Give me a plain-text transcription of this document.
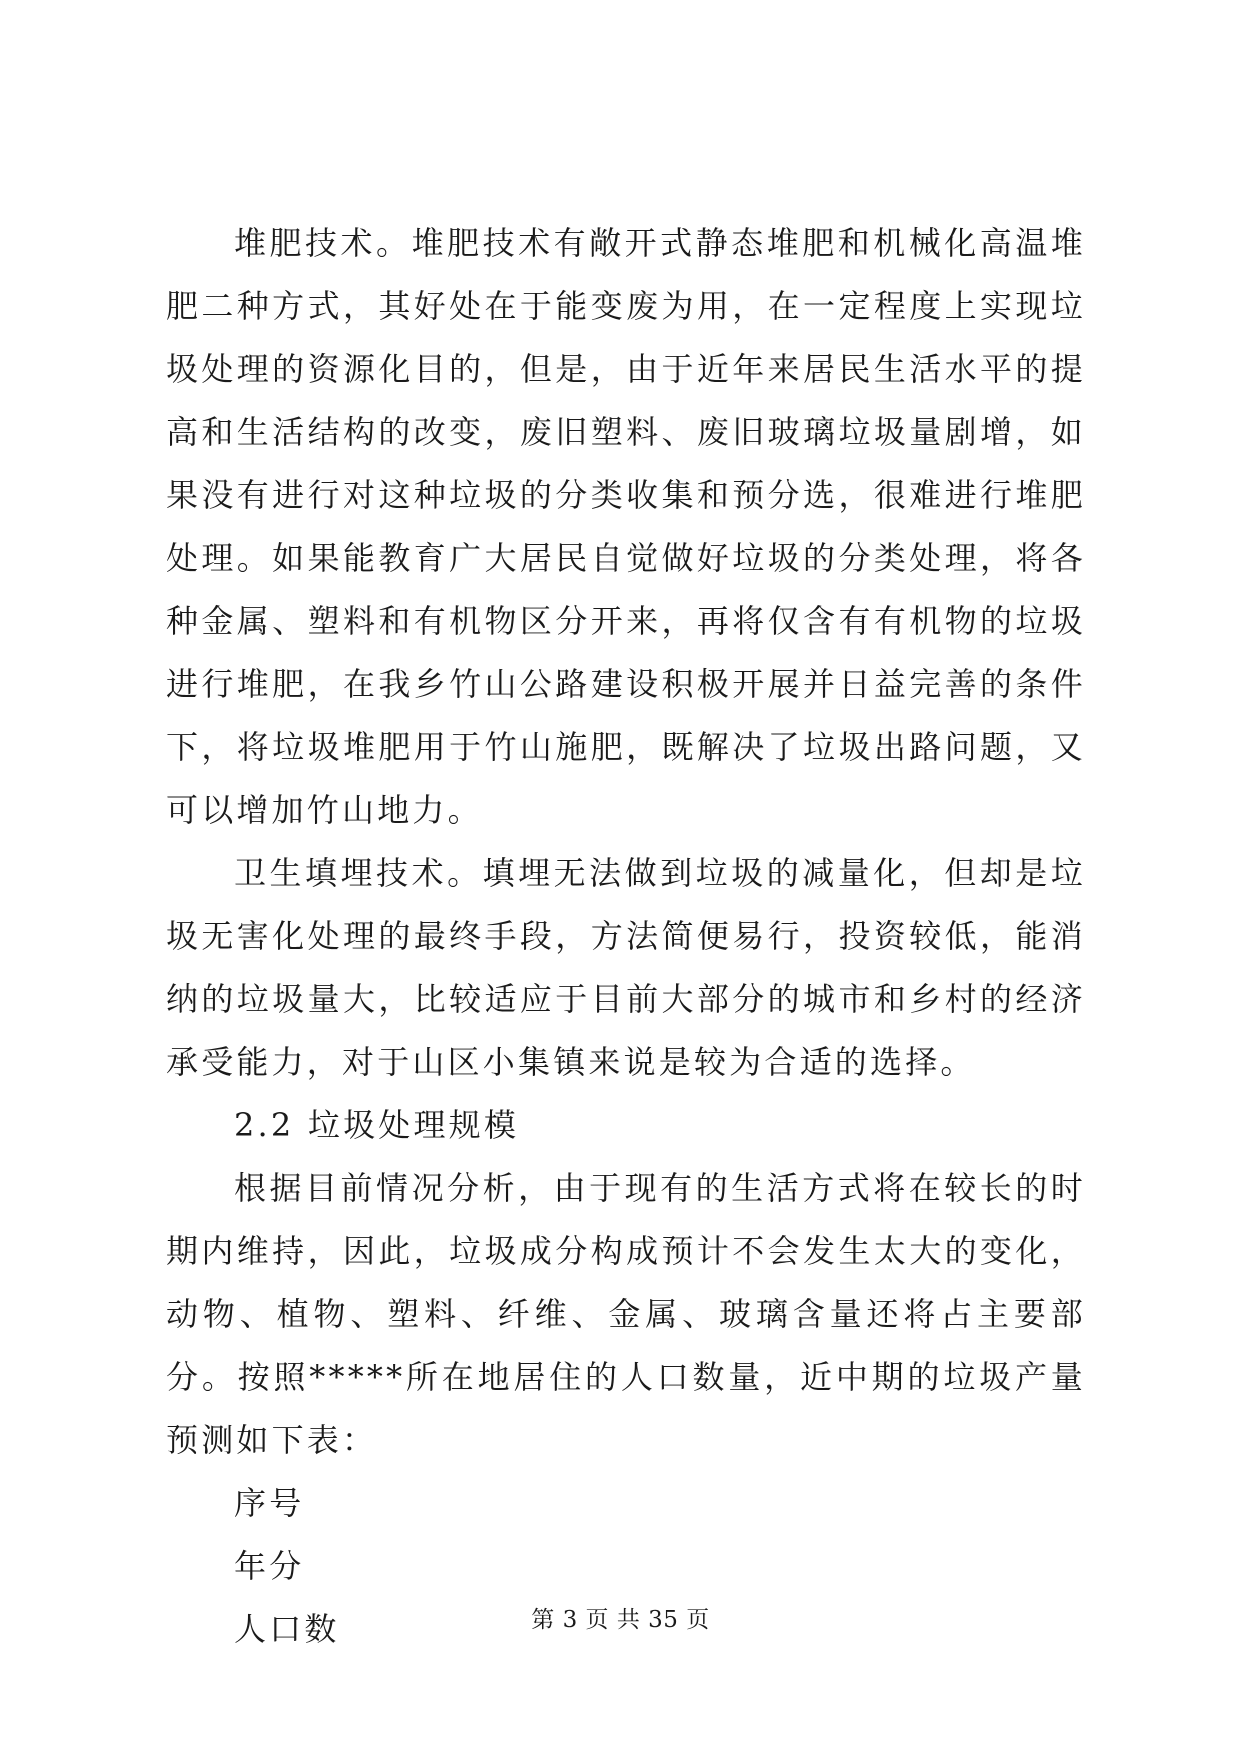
堆肥技术。堆肥技术有敞开式静态堆肥和机械化高温堆肥二种方式，其好处在于能变废为用，在一定程度上实现垃圾处理的资源化目的，但是，由于近年来居民生活水平的提高和生活结构的改变，废旧塑料、废旧玻璃垃圾量剧增，如果没有进行对这种垃圾的分类收集和预分选，很难进行堆肥处理。如果能教育广大居民自觉做好垃圾的分类处理，将各种金属、塑料和有机物区分开来，再将仅含有有机物的垃圾进行堆肥，在我乡竹山公路建设积极开展并日益完善的条件下，将垃圾堆肥用于竹山施肥，既解决了垃圾出路问题，又可以增加竹山地力。

卫生填埋技术。填埋无法做到垃圾的减量化，但却是垃圾无害化处理的最终手段，方法简便易行，投资较低，能消纳的垃圾量大，比较适应于目前大部分的城市和乡村的经济承受能力，对于山区小集镇来说是较为合适的选择。

2.2 垃圾处理规模

根据目前情况分析，由于现有的生活方式将在较长的时期内维持，因此，垃圾成分构成预计不会发生太大的变化，动物、植物、塑料、纤维、金属、玻璃含量还将占主要部分。按照*****所在地居住的人口数量，近中期的垃圾产量预测如下表：

序号

年分

人口数	第 3 页 共 35 页
